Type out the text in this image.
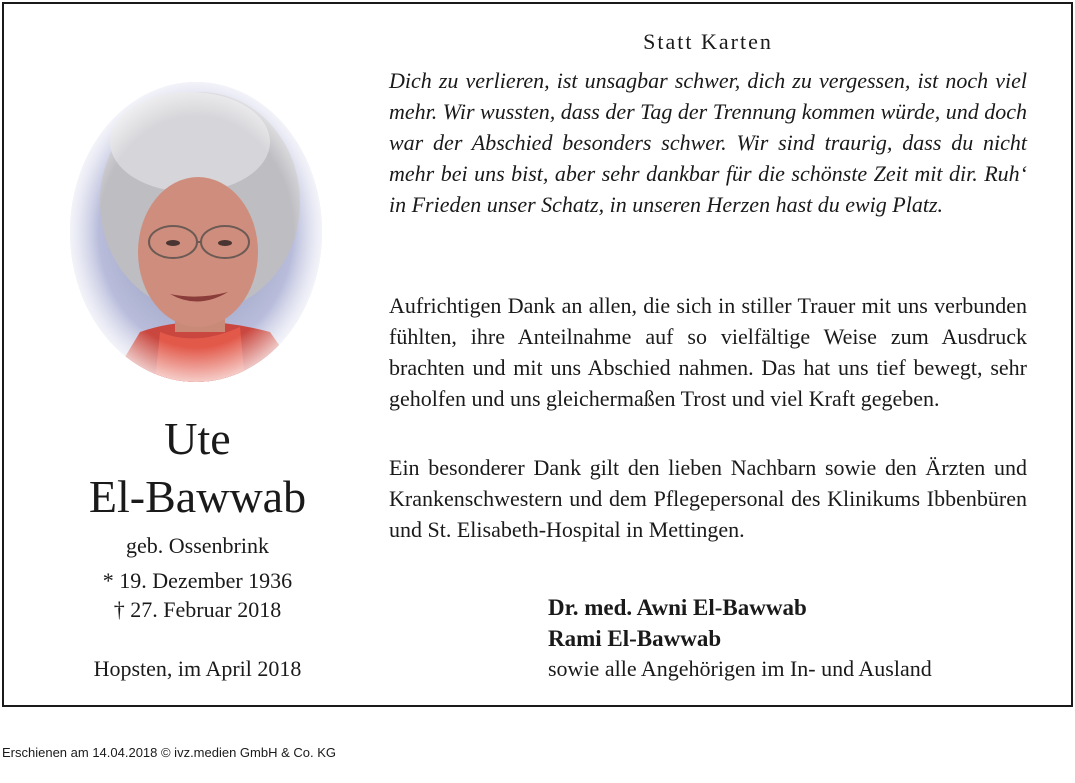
Ute
El-Bawwab
geb. Ossenbrink
* 19. Dezember 1936
† 27. Februar 2018
Hopsten, im April 2018
Statt Karten

Dich zu verlieren, ist unsagbar schwer, dich zu vergessen, ist noch viel mehr. Wir wussten, dass der Tag der Trennung kommen würde, und doch war der Abschied besonders schwer. Wir sind traurig, dass du nicht mehr bei uns bist, aber sehr dankbar für die schönste Zeit mit dir. Ruh‘ in Frieden unser Schatz, in unseren Herzen hast du ewig Platz.

Aufrichtigen Dank an allen, die sich in stiller Trauer mit uns verbunden fühlten, ihre Anteilnahme auf so vielfältige Weise zum Ausdruck brachten und mit uns Abschied nahmen. Das hat uns tief bewegt, sehr geholfen und uns gleichermaßen Trost und viel Kraft gegeben.

Ein besonderer Dank gilt den lieben Nachbarn sowie den Ärzten und Krankenschwestern und dem Pflegepersonal des Klinikums Ibbenbüren und St. Elisabeth-Hospital in Mettingen.

Dr. med. Awni El-Bawwab
Rami El-Bawwab
sowie alle Angehörigen im In- und Ausland
Erschienen am 14.04.2018 © ivz.medien GmbH & Co. KG
